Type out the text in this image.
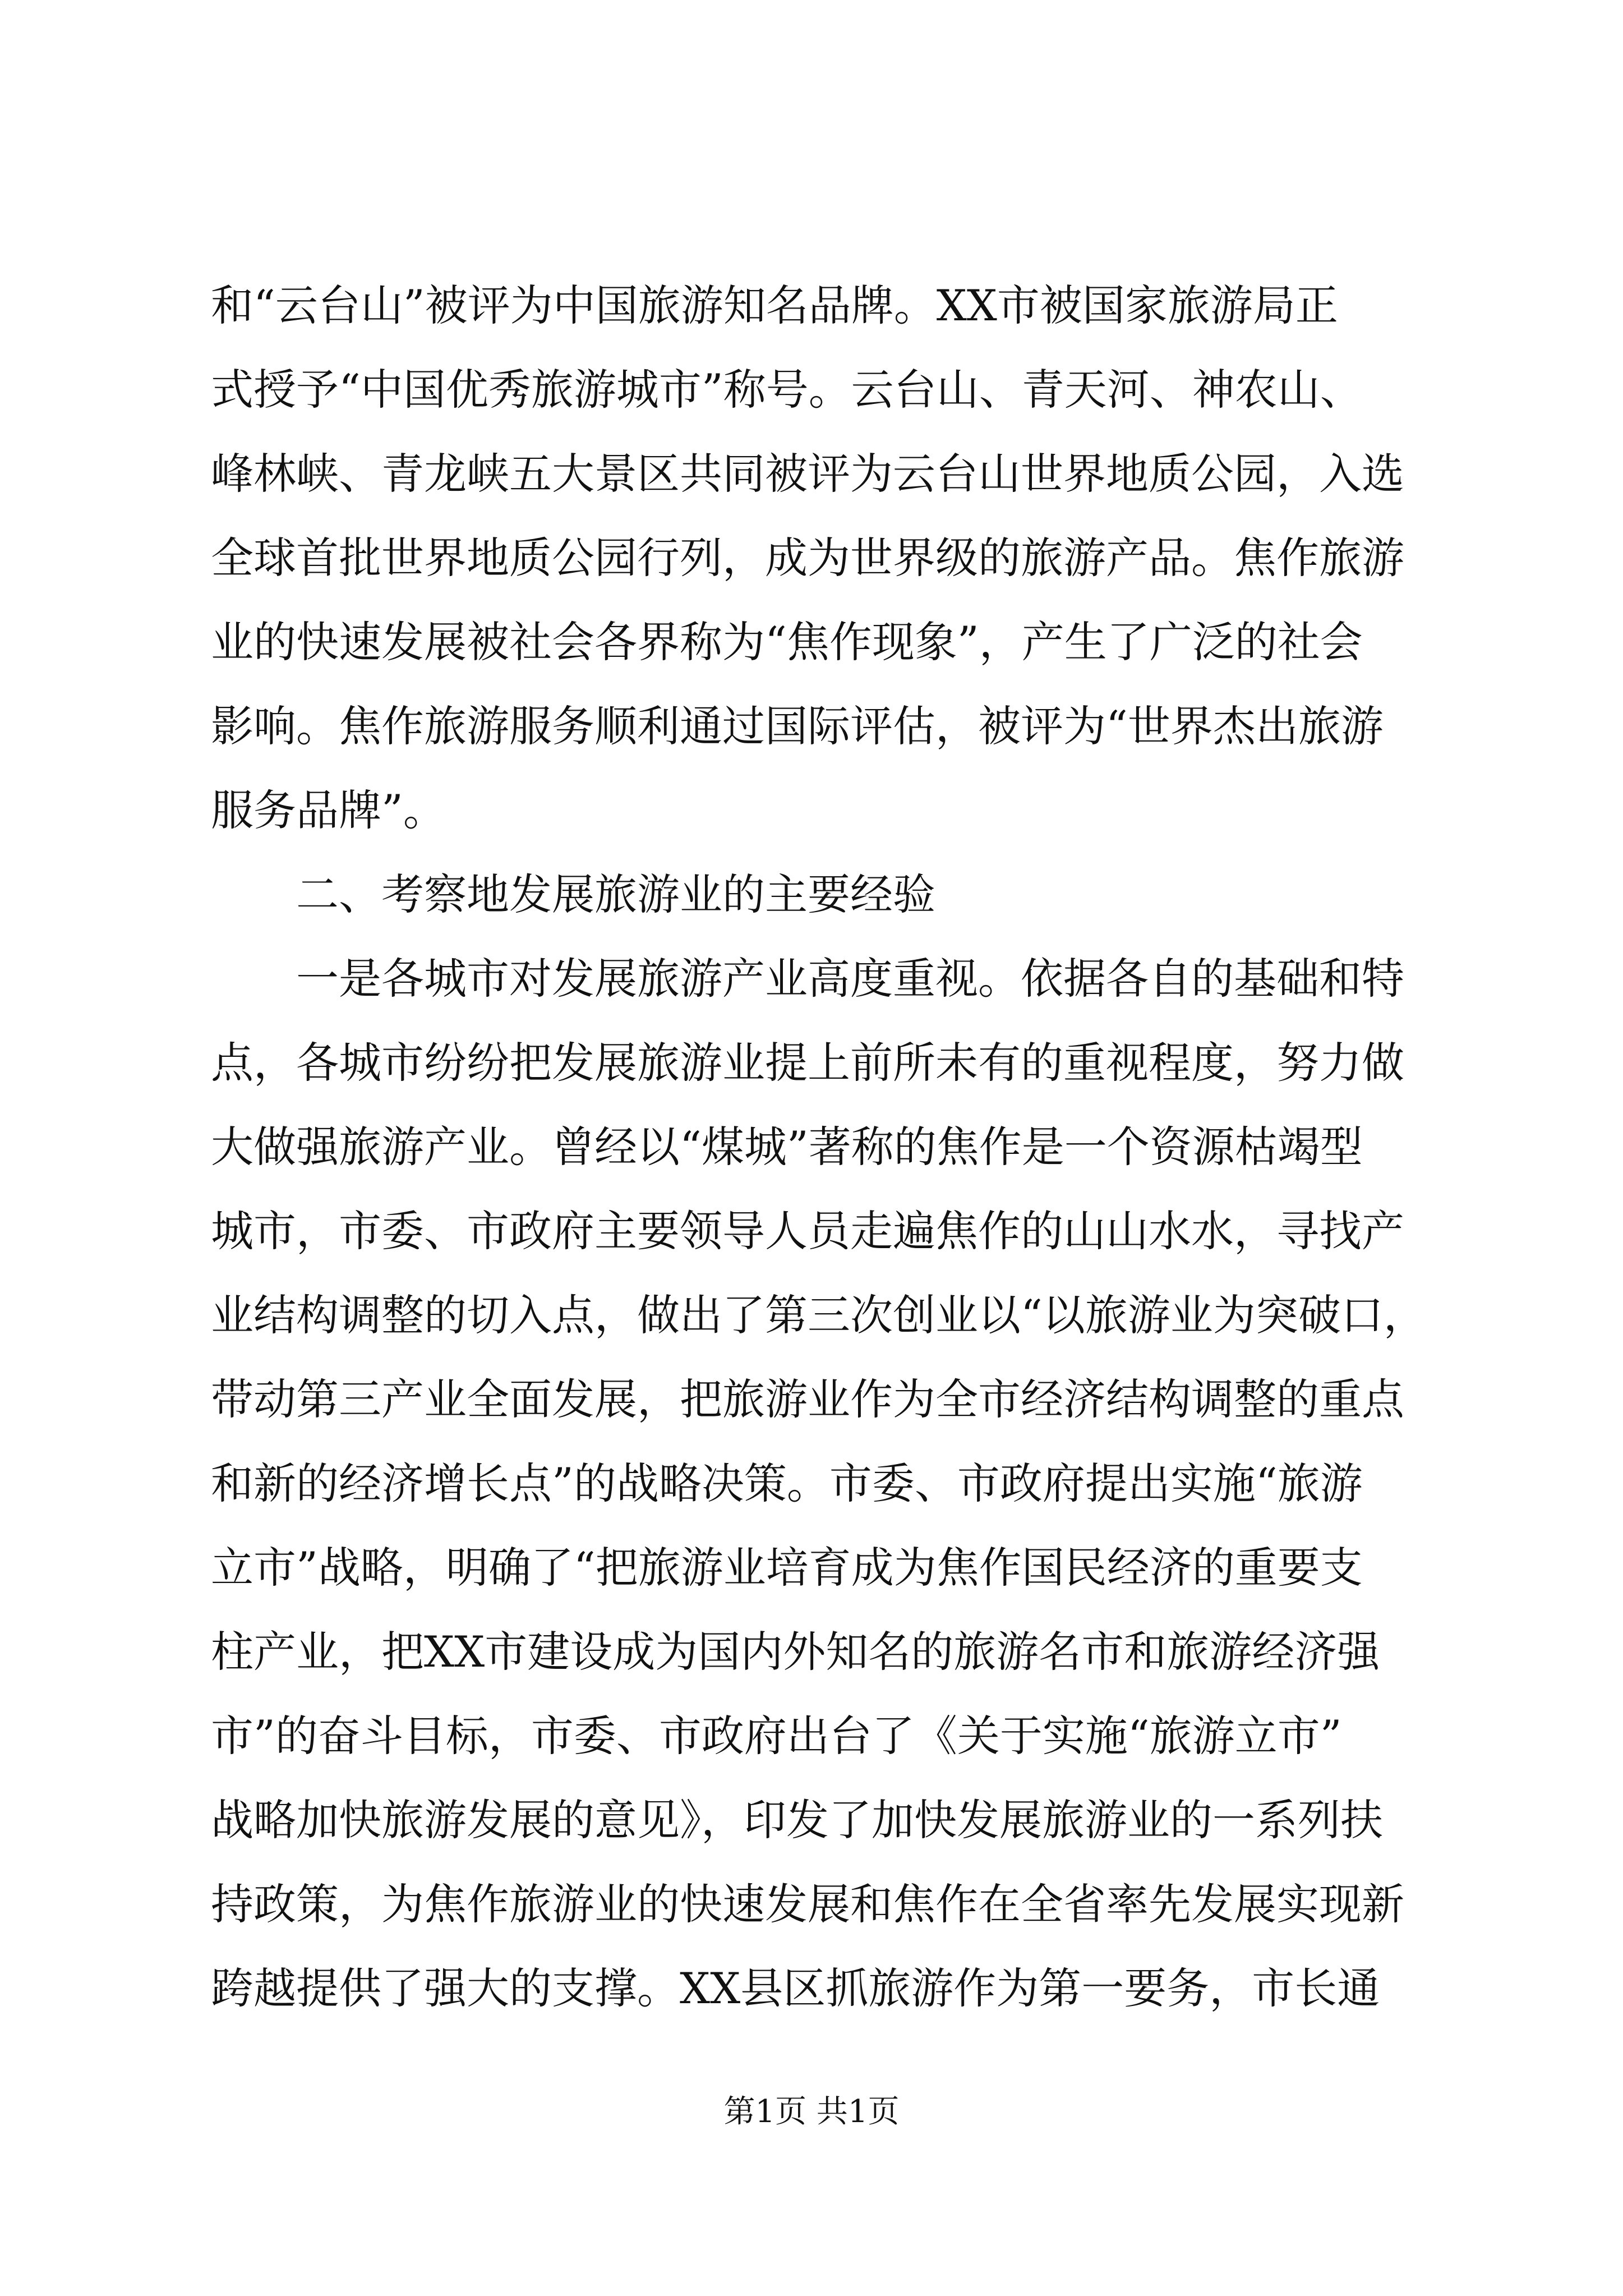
和“云台山”被评为中国旅游知名品牌。XX市被国家旅游局正
式授予“中国优秀旅游城市”称号。云台山、青天河、神农山、
峰林峡、青龙峡五大景区共同被评为云台山世界地质公园，入选
全球首批世界地质公园行列，成为世界级的旅游产品。焦作旅游
业的快速发展被社会各界称为“焦作现象”，产生了广泛的社会
影响。焦作旅游服务顺利通过国际评估，被评为“世界杰出旅游
服务品牌”。
二、考察地发展旅游业的主要经验
一是各城市对发展旅游产业高度重视。依据各自的基础和特
点，各城市纷纷把发展旅游业提上前所未有的重视程度，努力做
大做强旅游产业。曾经以“煤城”著称的焦作是一个资源枯竭型
城市，市委、市政府主要领导人员走遍焦作的山山水水，寻找产
业结构调整的切入点，做出了第三次创业以“以旅游业为突破口，
带动第三产业全面发展，把旅游业作为全市经济结构调整的重点
和新的经济增长点”的战略决策。市委、市政府提出实施“旅游
立市”战略，明确了“把旅游业培育成为焦作国民经济的重要支
柱产业，把XX市建设成为国内外知名的旅游名市和旅游经济强
市”的奋斗目标，市委、市政府出台了《关于实施“旅游立市”
战略加快旅游发展的意见》，印发了加快发展旅游业的一系列扶
持政策，为焦作旅游业的快速发展和焦作在全省率先发展实现新
跨越提供了强大的支撑。XX县区抓旅游作为第一要务，市长通
第1页 共1页
